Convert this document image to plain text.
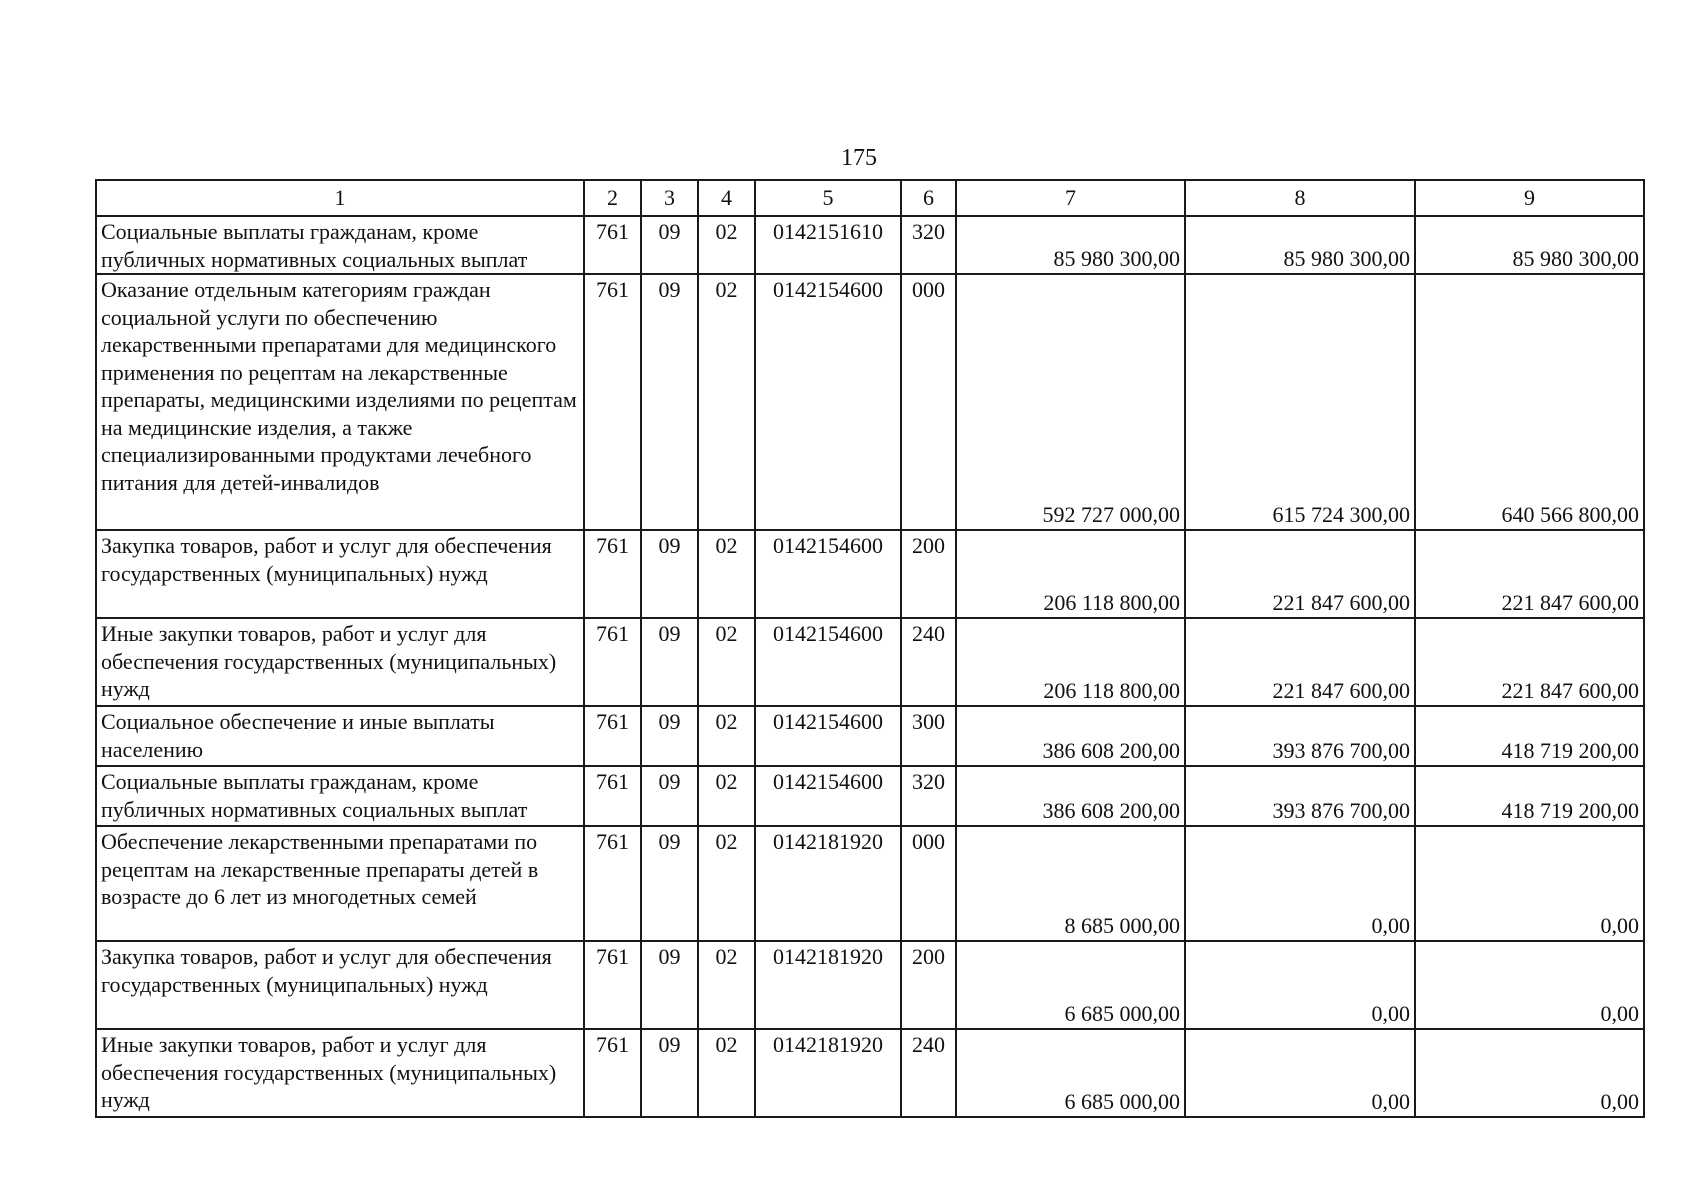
175
1	2	3	4	5	6	7	8	9
Социальные выплаты гражданам, кроме публичных нормативных социальных выплат	761	09	02	0142151610	320	85 980 300,00	85 980 300,00	85 980 300,00
Оказание отдельным категориям граждан социальной услуги по обеспечению лекарственными препаратами для медицинского применения по рецептам на лекарственные препараты, медицинскими изделиями по рецептам на медицинские изделия, а также специализированными продуктами лечебного питания для детей-инвалидов	761	09	02	0142154600	000	592 727 000,00	615 724 300,00	640 566 800,00
Закупка товаров, работ и услуг для обеспечения государственных (муниципальных) нужд	761	09	02	0142154600	200	206 118 800,00	221 847 600,00	221 847 600,00
Иные закупки товаров, работ и услуг для обеспечения государственных (муниципальных) нужд	761	09	02	0142154600	240	206 118 800,00	221 847 600,00	221 847 600,00
Социальное обеспечение и иные выплаты населению	761	09	02	0142154600	300	386 608 200,00	393 876 700,00	418 719 200,00
Социальные выплаты гражданам, кроме публичных нормативных социальных выплат	761	09	02	0142154600	320	386 608 200,00	393 876 700,00	418 719 200,00
Обеспечение лекарственными препаратами по рецептам на лекарственные препараты детей в возрасте до 6 лет из многодетных семей	761	09	02	0142181920	000	8 685 000,00	0,00	0,00
Закупка товаров, работ и услуг для обеспечения государственных (муниципальных) нужд	761	09	02	0142181920	200	6 685 000,00	0,00	0,00
Иные закупки товаров, работ и услуг для обеспечения государственных (муниципальных) нужд	761	09	02	0142181920	240	6 685 000,00	0,00	0,00
